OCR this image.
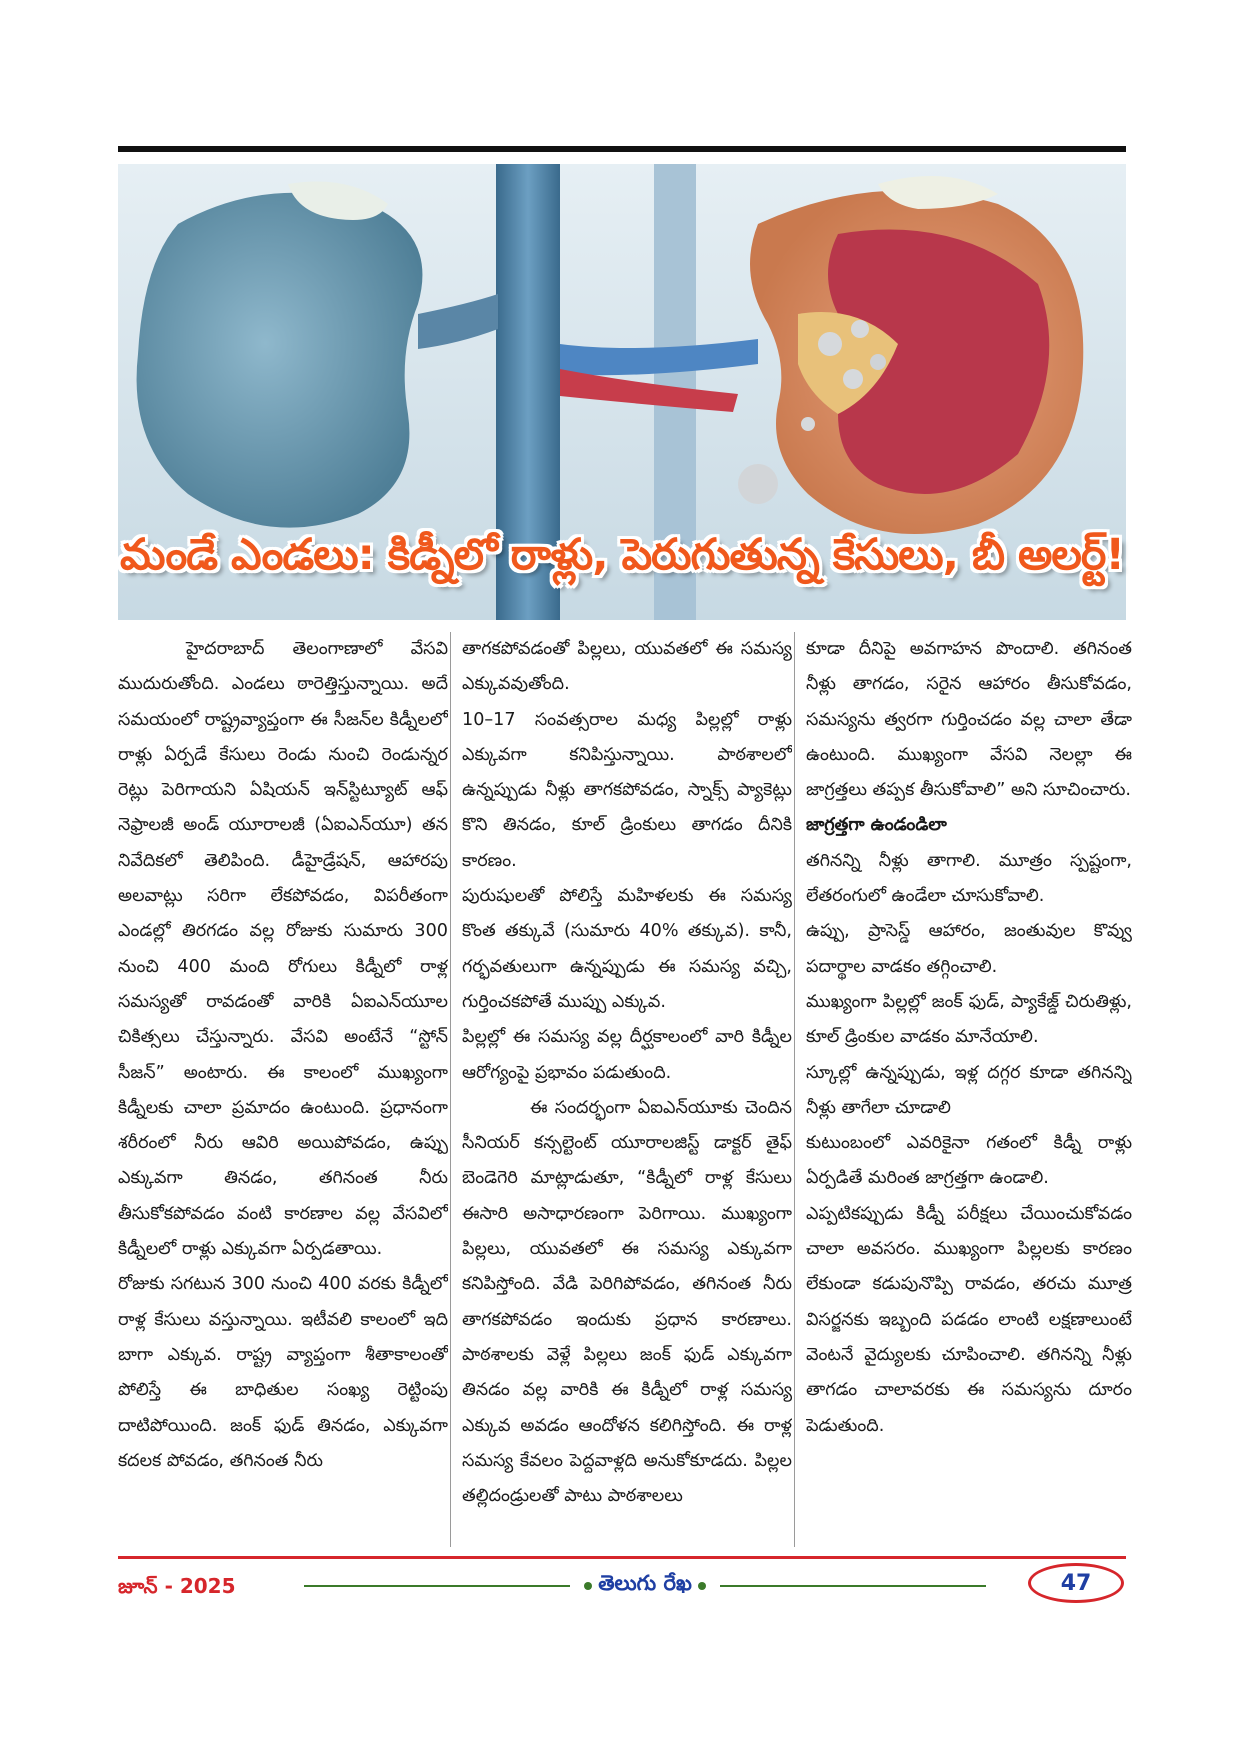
మండే ఎండలు: కిడ్నీలో రాళ్లు, పెరుగుతున్న కేసులు, బీ అలర్ట్!

హైదరాబాద్ తెలంగాణాలో వేసవి ముదురుతోంది. ఎండలు ఠారెత్తిస్తున్నాయి. అదే సమయంలో రాష్ట్రవ్యాప్తంగా ఈ సీజన్‌ల కిడ్నీలలో రాళ్లు ఏర్పడే కేసులు రెండు నుంచి రెండున్నర రెట్లు పెరిగాయని ఏషియన్ ఇన్‌స్టిట్యూట్ ఆఫ్ నెఫ్రాలజీ అండ్ యూరాలజీ (ఏఐఎన్‌యూ) తన నివేదికలో తెలిపింది. డీహైడ్రేషన్, ఆహారపు అలవాట్లు సరిగా లేకపోవడం, విపరీతంగా ఎండల్లో తిరగడం వల్ల రోజుకు సుమారు 300 నుంచి 400 మంది రోగులు కిడ్నీలో రాళ్ల సమస్యతో రావడంతో వారికి ఏఐఎన్‌యూల చికిత్సలు చేస్తున్నారు. వేసవి అంటేనే “స్టోన్ సీజన్” అంటారు. ఈ కాలంలో ముఖ్యంగా కిడ్నీలకు చాలా ప్రమాదం ఉంటుంది. ప్రధానంగా శరీరంలో నీరు ఆవిరి అయిపోవడం, ఉప్పు ఎక్కువగా తినడం, తగినంత నీరు తీసుకోకపోవడం వంటి కారణాల వల్ల వేసవిలో కిడ్నీలలో రాళ్లు ఎక్కువగా ఏర్పడతాయి.

రోజుకు సగటున 300 నుంచి 400 వరకు కిడ్నీలో రాళ్ల కేసులు వస్తున్నాయి. ఇటీవలి కాలంలో ఇది బాగా ఎక్కువ. రాష్ట్ర వ్యాప్తంగా శీతాకాలంతో పోలిస్తే ఈ బాధితుల సంఖ్య రెట్టింపు దాటిపోయింది. జంక్ ఫుడ్ తినడం, ఎక్కువగా కదలక పోవడం, తగినంత నీరు

తాగకపోవడంతో పిల్లలు, యువతలో ఈ సమస్య ఎక్కువవుతోంది.

10–17 సంవత్సరాల మధ్య పిల్లల్లో రాళ్లు ఎక్కువగా కనిపిస్తున్నాయి. పాఠశాలలో ఉన్నప్పుడు నీళ్లు తాగకపోవడం, స్నాక్స్ ప్యాకెట్లు కొని తినడం, కూల్ డ్రింకులు తాగడం దీనికి కారణం.

పురుషులతో పోలిస్తే మహిళలకు ఈ సమస్య కొంత తక్కువే (సుమారు 40% తక్కువ). కానీ, గర్భవతులుగా ఉన్నప్పుడు ఈ సమస్య వచ్చి, గుర్తించకపోతే ముప్పు ఎక్కువ.

పిల్లల్లో ఈ సమస్య వల్ల దీర్ఘకాలంలో వారి కిడ్నీల ఆరోగ్యంపై ప్రభావం పడుతుంది.

ఈ సందర్భంగా ఏఐఎన్‌యూకు చెందిన సీనియర్ కన్సల్టెంట్ యూరాలజిస్ట్ డాక్టర్ తైఫ్ బెండెగెరి మాట్లాడుతూ, “కిడ్నీలో రాళ్ల కేసులు ఈసారి అసాధారణంగా పెరిగాయి. ముఖ్యంగా పిల్లలు, యువతలో ఈ సమస్య ఎక్కువగా కనిపిస్తోంది. వేడి పెరిగిపోవడం, తగినంత నీరు తాగకపోవడం ఇందుకు ప్రధాన కారణాలు. పాఠశాలకు వెళ్లే పిల్లలు జంక్ ఫుడ్ ఎక్కువగా తినడం వల్ల వారికి ఈ కిడ్నీలో రాళ్ల సమస్య ఎక్కువ అవడం ఆందోళన కలిగిస్తోంది. ఈ రాళ్ల సమస్య కేవలం పెద్దవాళ్లది అనుకోకూడదు. పిల్లల తల్లిదండ్రులతో పాటు పాఠశాలలు

కూడా దీనిపై అవగాహన పొందాలి. తగినంత నీళ్లు తాగడం, సరైన ఆహారం తీసుకోవడం, సమస్యను త్వరగా గుర్తించడం వల్ల చాలా తేడా ఉంటుంది. ముఖ్యంగా వేసవి నెలల్లా ఈ జాగ్రత్తలు తప్పక తీసుకోవాలి” అని సూచించారు.

జాగ్రత్తగా ఉండండిలా

తగినన్ని నీళ్లు తాగాలి. మూత్రం స్పష్టంగా, లేతరంగులో ఉండేలా చూసుకోవాలి.

ఉప్పు, ప్రాసెస్డ్ ఆహారం, జంతువుల కొవ్వు పదార్థాల వాడకం తగ్గించాలి.

ముఖ్యంగా పిల్లల్లో జంక్ ఫుడ్, ప్యాకేజ్డ్ చిరుతిళ్లు, కూల్ డ్రింకుల వాడకం మానేయాలి.

స్కూల్లో ఉన్నప్పుడు, ఇళ్ల దగ్గర కూడా తగినన్ని నీళ్లు తాగేలా చూడాలి

కుటుంబంలో ఎవరికైనా గతంలో కిడ్నీ రాళ్లు ఏర్పడితే మరింత జాగ్రత్తగా ఉండాలి.

ఎప్పటికప్పుడు కిడ్నీ పరీక్షలు చేయించుకోవడం చాలా అవసరం. ముఖ్యంగా పిల్లలకు కారణం లేకుండా కడుపునొప్పి రావడం, తరచు మూత్ర విసర్జనకు ఇబ్బంది పడడం లాంటి లక్షణాలుంటే వెంటనే వైద్యులకు చూపించాలి. తగినన్ని నీళ్లు తాగడం చాలావరకు ఈ సమస్యను దూరం పెడుతుంది.

జూన్ - 2025	తెలుగు రేఖ	47
